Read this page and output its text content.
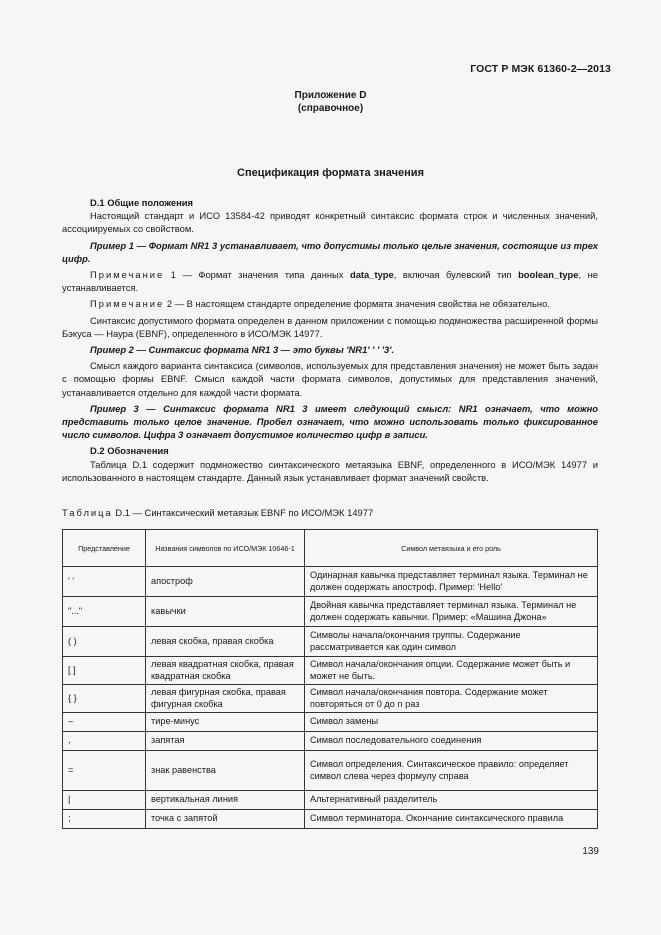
ГОСТ Р МЭК 61360-2—2013
Приложение D
(справочное)
Спецификация формата значения

D.1 Общие положения

Настоящий стандарт и ИСО 13584-42 приводят конкретный синтаксис формата строк и численных значений, ассоциируемых со свойством.

Пример 1 — Формат NR1 3 устанавливает, что допустимы только целые значения, состоящие из трех цифр.

Примечание 1 — Формат значения типа данных data_type, включая булевский тип boolean_type, не устанавливается.

Примечание 2 — В настоящем стандарте определение формата значения свойства не обязательно.

Синтаксис допустимого формата определен в данном приложении с помощью подмножества расширенной формы Бэкуса — Наура (EBNF), определенного в ИСО/МЭК 14977.

Пример 2 — Синтаксис формата NR1 3 — это буквы 'NR1' ' ' '3'.

Смысл каждого варианта синтаксиса (символов, используемых для представления значения) не может быть задан с помощью формы EBNF. Смысл каждой части формата символов, допустимых для представления значений, устанавливается отдельно для каждой части формата.

Пример 3 — Синтаксис формата NR1 3 имеет следующий смысл: NR1 означает, что можно представить только целое значение. Пробел означает, что можно использовать только фиксированное число символов. Цифра 3 означает допустимое количество цифр в записи.

D.2 Обозначения

Таблица D.1 содержит подмножество синтаксического метаязыка EBNF, определенного в ИСО/МЭК 14977 и использованного в настоящем стандарте. Данный язык устанавливает формат значений свойств.

Таблица D.1 — Синтаксический метаязык EBNF по ИСО/МЭК 14977
Представление	Названия символов по ИСО/МЭК 10646-1	Символ метаязыка и его роль
' '	апостроф	Одинарная кавычка представляет терминал языка. Терминал не должен содержать апостроф. Пример: 'Hello'
"..."	кавычки	Двойная кавычка представляет терминал языка. Терминал не должен содержать кавычки. Пример: «Машина Джона»
( )	левая скобка, правая скобка	Символы начала/окончания группы. Содержание рассматривается как один символ
[ ]	левая квадратная скобка, правая квадратная скобка	Символ начала/окончания опции. Содержание может быть и может не быть.
{ }	левая фигурная скобка, правая фигурная скобка	Символ начала/окончания повтора. Содержание может повторяться от 0 до n раз
–	тире-минус	Символ замены
,	запятая	Символ последовательного соединения
=	знак равенства	Символ определения. Синтаксическое правило: определяет символ слева через формулу справа
|	вертикальная линия	Альтернативный разделитель
;	точка с запятой	Символ терминатора. Окончание синтаксического правила
139
